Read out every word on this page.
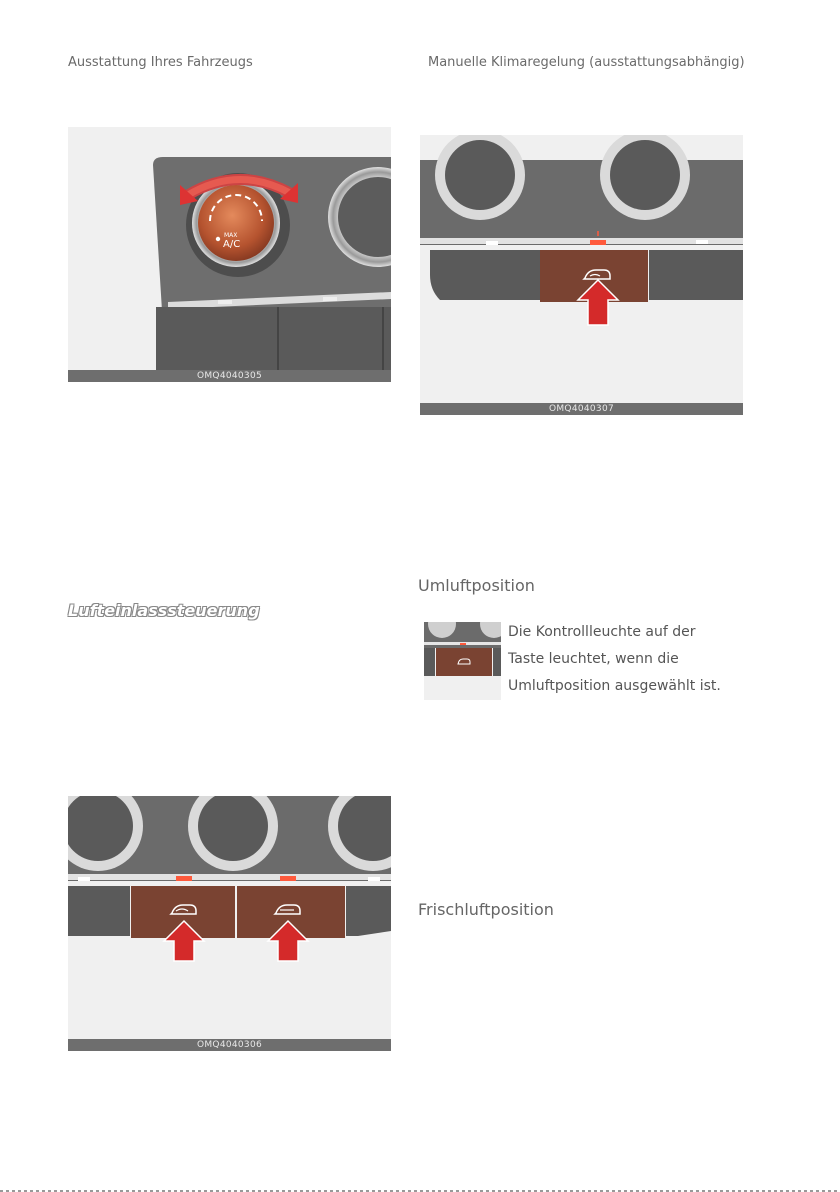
Ausstattung Ihres Fahrzeugs	Manuelle Klimaregelung (ausstattungsabhängig)
MAX
A/C
OMQ4040305
OMQ4040307
OMQ4040306
Lufteinlasssteuerung
Umluftposition
Die Kontrollleuchte auf der Taste leuchtet, wenn die Umluftposition ausgewählt ist.
Frischluftposition
